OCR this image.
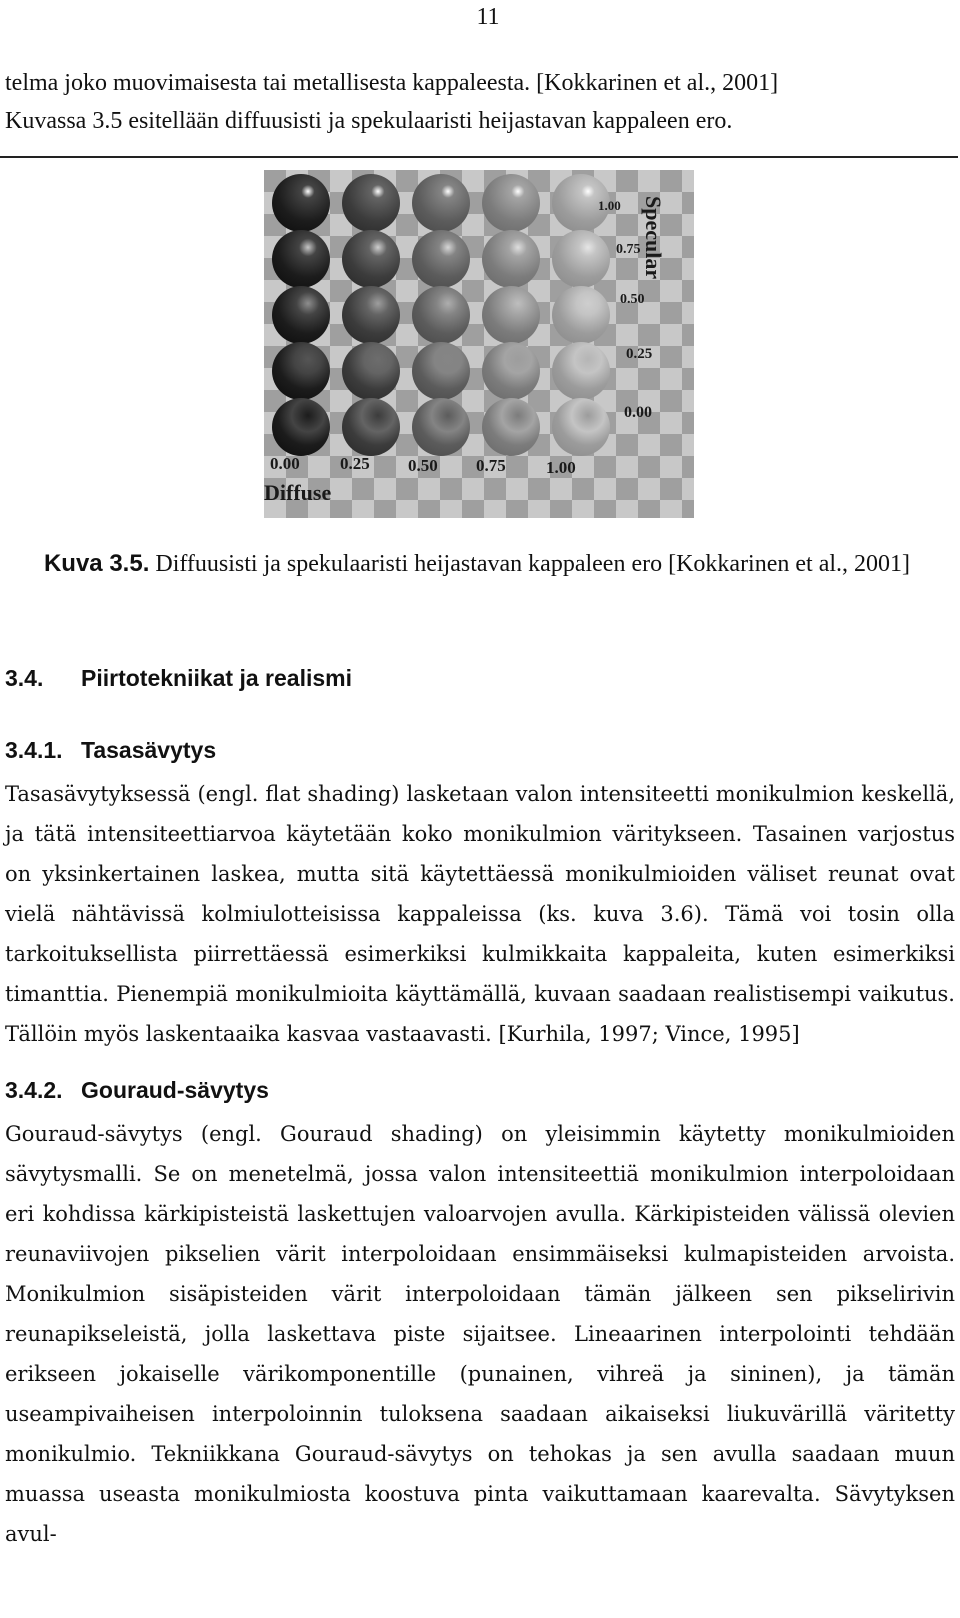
11

telma joko muovimaisesta tai metallisesta kappaleesta. [Kokkarinen et al., 2001]

Kuvassa 3.5 esitellään diffuusisti ja spekulaaristi heijastavan kappaleen ero.

0.00 0.25 0.50 0.75 1.00
Diffuse
1.00
0.75
0.50
0.25
0.00
Specular
Kuva 3.5. Diffuusisti ja spekulaaristi heijastavan kappaleen ero [Kokkarinen et al., 2001]
3.4. Piirtotekniikat ja realismi
3.4.1. Tasasävytys

Tasasävytyksessä (engl. flat shading) lasketaan valon intensiteetti monikulmion keskellä, ja tätä intensiteettiarvoa käytetään koko monikulmion väritykseen. Tasainen varjostus on yksinkertainen laskea, mutta sitä käytettäessä monikulmioiden väliset reunat ovat vielä nähtävissä kolmiulotteisissa kappaleissa (ks. kuva 3.6). Tämä voi tosin olla tarkoituksellista piirrettäessä esimerkiksi kulmikkaita kappaleita, kuten esimerkiksi timanttia. Pienempiä monikulmioita käyttämällä, kuvaan saadaan realistisempi vaikutus. Tällöin myös laskentaaika kasvaa vastaavasti. [Kurhila, 1997; Vince, 1995]

3.4.2. Gouraud-sävytys

Gouraud-sävytys (engl. Gouraud shading) on yleisimmin käytetty monikulmioiden sävytysmalli. Se on menetelmä, jossa valon intensiteettiä monikulmion interpoloidaan eri kohdissa kärkipisteistä laskettujen valoarvojen avulla. Kärkipisteiden välissä olevien reunaviivojen pikselien värit interpoloidaan ensimmäiseksi kulmapisteiden arvoista. Monikulmion sisäpisteiden värit interpoloidaan tämän jälkeen sen pikselirivin reunapikseleistä, jolla laskettava piste sijaitsee. Lineaarinen interpolointi tehdään erikseen jokaiselle värikomponentille (punainen, vihreä ja sininen), ja tämän useampivaiheisen interpoloinnin tuloksena saadaan aikaiseksi liukuvärillä väritetty monikulmio. Tekniikkana Gouraud-sävytys on tehokas ja sen avulla saadaan muun muassa useasta monikulmiosta koostuva pinta vaikuttamaan kaarevalta. Sävytyksen avul-
